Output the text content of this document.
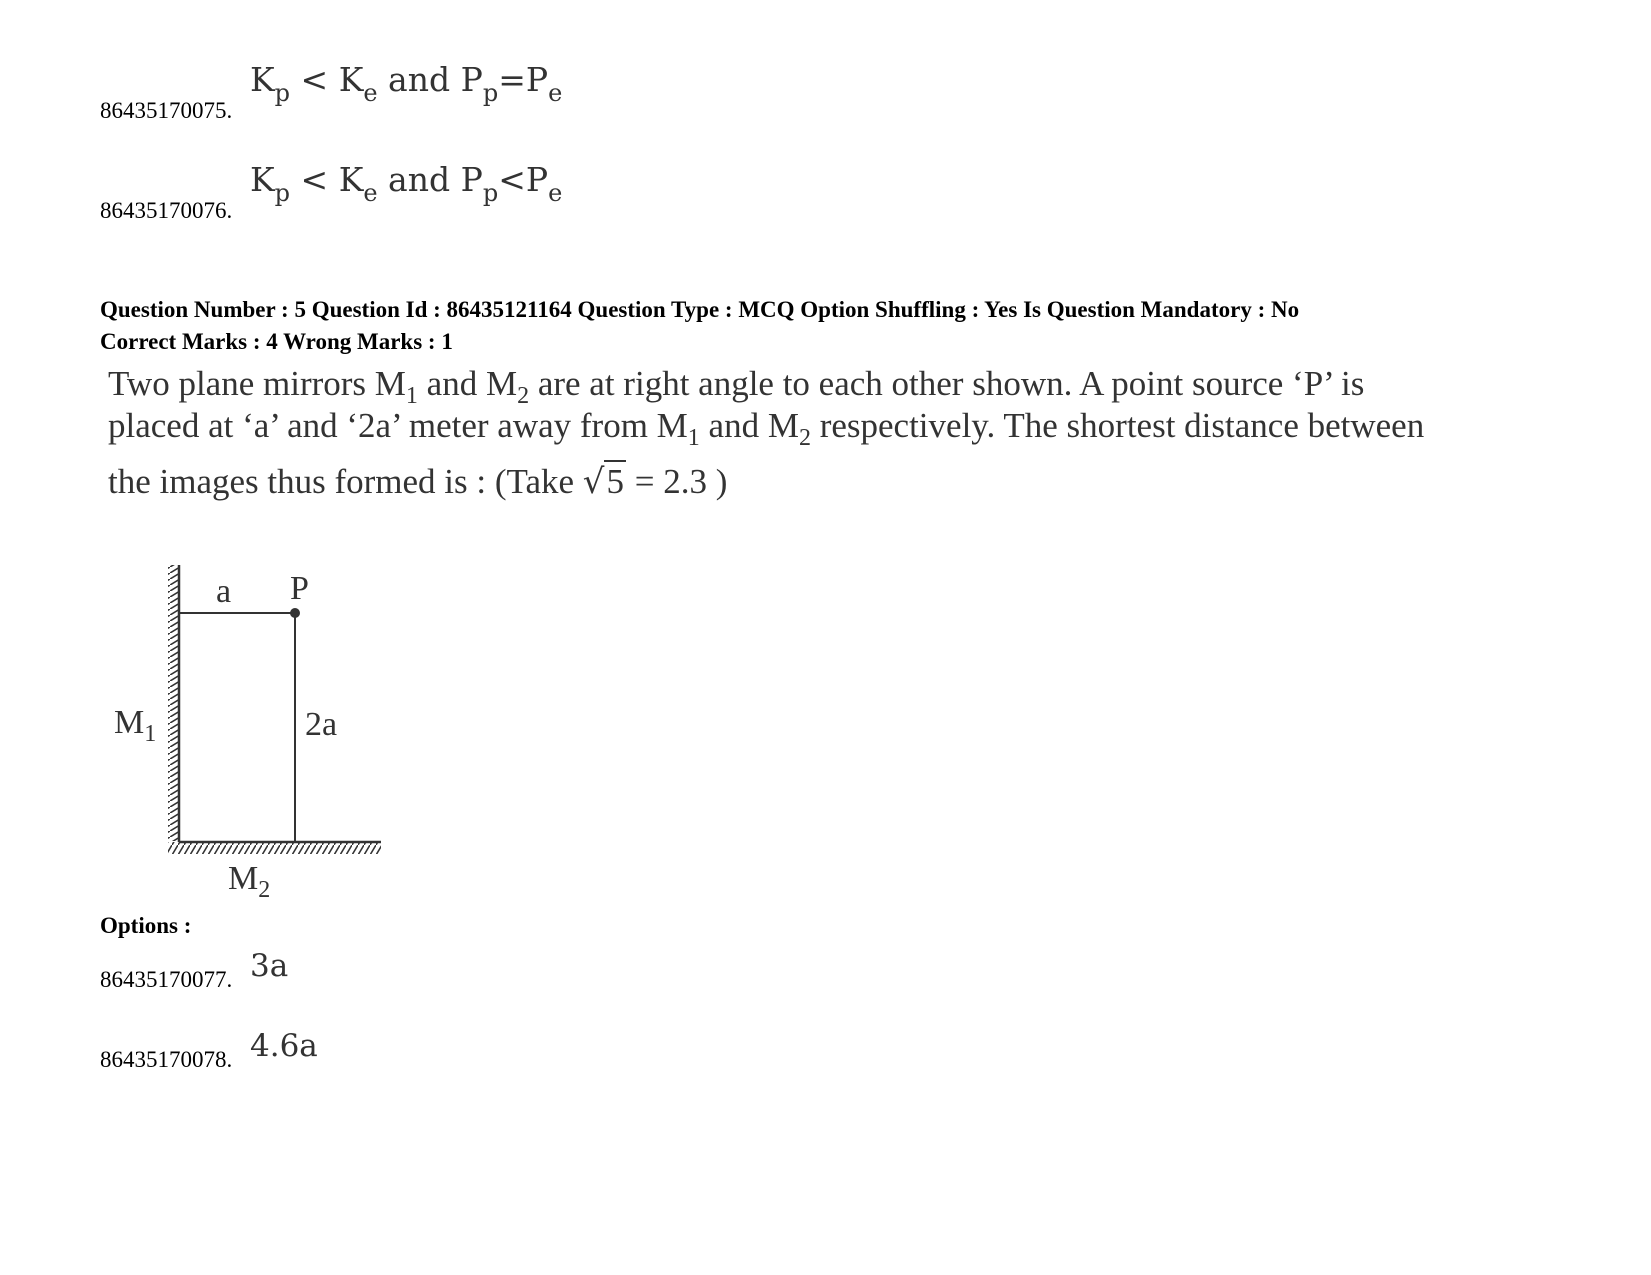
86435170075.
$K_p < K_e$ and $P_p=P_e$
86435170076.
$K_p < K_e$ and $P_p<P_e$
Question Number : 5 Question Id : 86435121164 Question Type : MCQ Option Shuffling : Yes Is Question Mandatory : No
Correct Marks : 4 Wrong Marks : 1
Two plane mirrors $M_1$ and $M_2$ are at right angle to each other shown. A point source ‘P’ is
placed at ‘a’ and ‘2a’ meter away from $M_1$ and $M_2$ respectively. The shortest distance between
the images thus formed is : (Take √5 = 2.3 )
a P
2a
$M_1$
$M_2$
Options :
86435170077. 3a
86435170078. 4.6a
